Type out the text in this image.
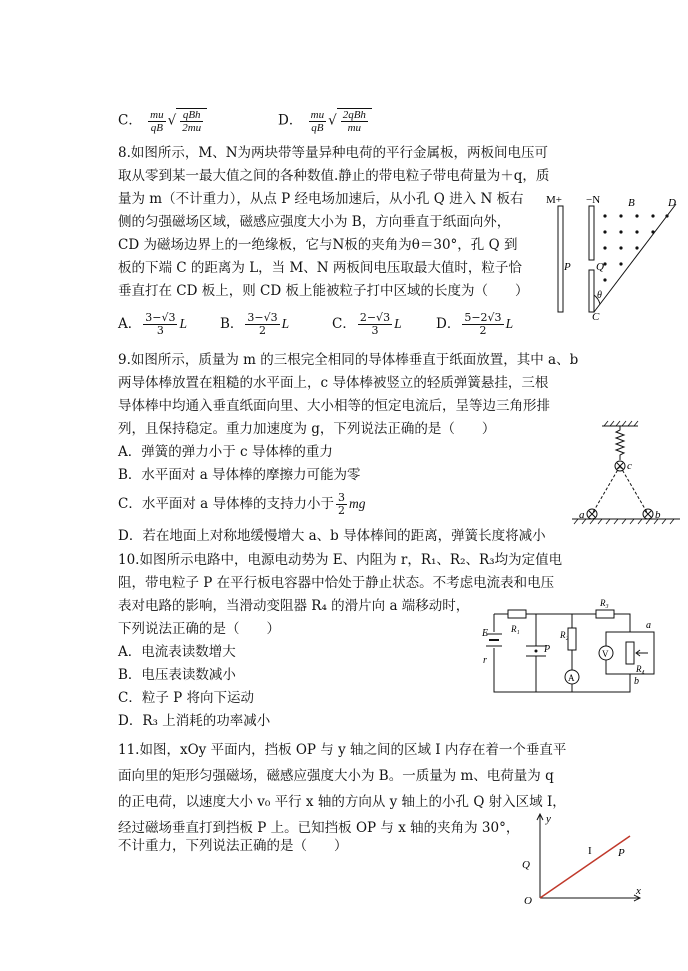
C． $\frac{mu}{qB}$ √ $\frac{\text{qBh}}{2mu}$	D． $\frac{mu}{qB}$ √ $\frac{\text{2qBh}}{mu}$
8.如图所示，M、N为两块带等量异种电荷的平行金属板，两板间电压可
取从零到某一最大值之间的各种数值.静止的带电粒子带电荷量为＋q，质
量为 m（不计重力），从点 P 经电场加速后，从小孔 Q 进入 N 板右
侧的匀强磁场区域，磁感应强度大小为 B，方向垂直于纸面向外，
CD 为磁场边界上的一绝缘板，它与N板的夹角为θ＝30°，孔 Q 到
板的下端 C 的距离为 L，当 M、N 两板间电压取最大值时，粒子恰
垂直打在 CD 板上，则 CD 板上能被粒子打中区域的长度为（　　）
A． $\frac{3-√3}{3}$ L B． $\frac{3-√3}{2}$ L	C． $\frac{2-√3}{3}$ L	D． $\frac{5-2√3}{2}$ L
M+ −N	B	D
P Q
θ
C
9.如图所示，质量为 m 的三根完全相同的导体棒垂直于纸面放置，其中 a、b
两导体棒放置在粗糙的水平面上，c 导体棒被竖立的轻质弹簧悬挂，三根
导体棒中均通入垂直纸面向里、大小相等的恒定电流后，呈等边三角形排
列，且保持稳定。重力加速度为 g，下列说法正确的是（　　）
A．弹簧的弹力小于 c 导体棒的重力
B．水平面对 a 导体棒的摩擦力可能为零
C．水平面对 a 导体棒的支持力小于 $\frac{3}{2}$ mg
D．若在地面上对称地缓慢增大 a、b 导体棒间的距离，弹簧长度将减小
c
a	b
10.如图所示电路中，电源电动势为 E、内阻为 r，R₁、R₂、R₃均为定值电
阻，带电粒子 P 在平行板电容器中恰处于静止状态。不考虑电流表和电压
表对电路的影响，当滑动变阻器 R₄ 的滑片向 a 端移动时，
下列说法正确的是（　　）
A．电流表读数增大
B．电压表读数减小
C．粒子 P 将向下运动
D．R₃ 上消耗的功率减小
E
r
R₁
R₂
R₃
R₄
P	V
A
a
b
11.如图，xOy 平面内，挡板 OP 与 y 轴之间的区域 I 内存在着一个垂直平
面向里的矩形匀强磁场，磁感应强度大小为 B。一质量为 m、电荷量为 q
的正电荷，以速度大小 v₀ 平行 x 轴的方向从 y 轴上的小孔 Q 射入区域 I，
经过磁场垂直打到挡板 P 上。已知挡板 OP 与 x 轴的夹角为 30°，
不计重力，下列说法正确的是（　　）
y
x
O
Q
I P
